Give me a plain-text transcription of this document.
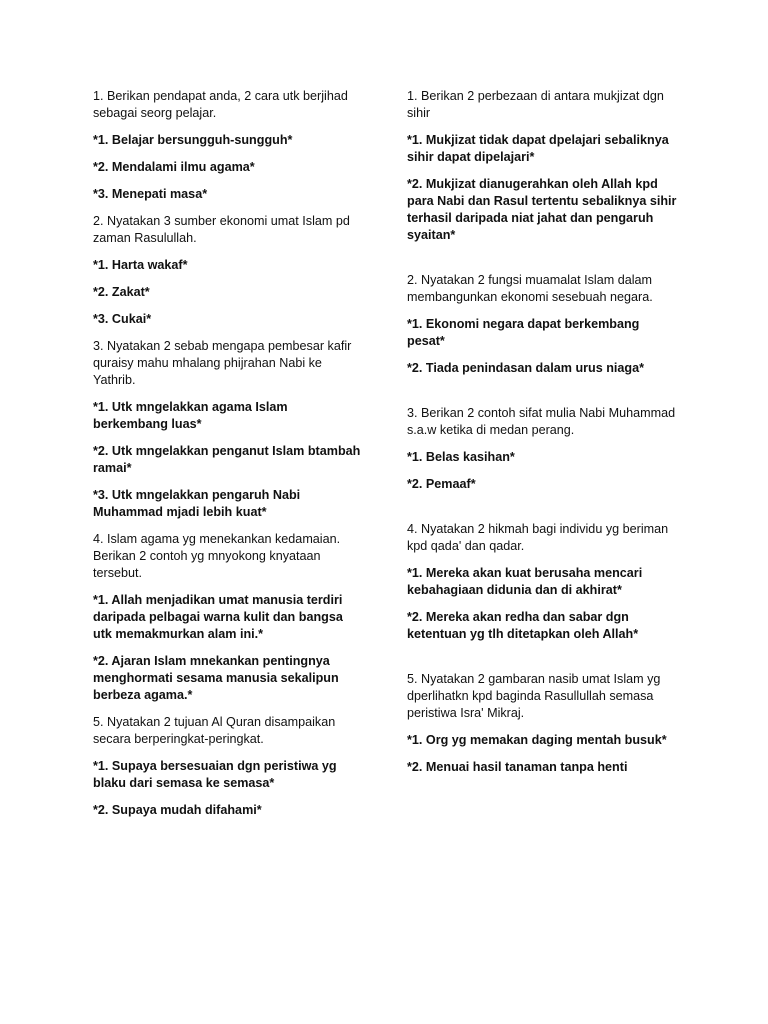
1. Berikan pendapat anda, 2 cara utk berjihad sebagai seorg pelajar.

*1. Belajar bersungguh-sungguh*

*2. Mendalami ilmu agama*

*3. Menepati masa*

2. Nyatakan 3 sumber ekonomi umat Islam pd zaman Rasulullah.

*1. Harta wakaf*

*2. Zakat*

*3. Cukai*

3. Nyatakan 2 sebab mengapa pembesar kafir quraisy mahu mhalang phijrahan Nabi ke Yathrib.

*1. Utk mngelakkan agama Islam berkembang luas*

*2. Utk mngelakkan penganut Islam btambah ramai*

*3. Utk mngelakkan pengaruh Nabi Muhammad mjadi lebih kuat*

4. Islam agama yg menekankan kedamaian. Berikan 2 contoh yg mnyokong knyataan tersebut.

*1. Allah menjadikan umat manusia terdiri daripada pelbagai warna kulit dan bangsa utk memakmurkan alam ini.*

*2. Ajaran Islam mnekankan pentingnya menghormati sesama manusia sekalipun berbeza agama.*

5. Nyatakan 2 tujuan Al Quran disampaikan secara berperingkat-peringkat.

*1. Supaya bersesuaian dgn peristiwa yg blaku dari semasa ke semasa*

*2. Supaya mudah difahami*

1. Berikan 2 perbezaan di antara mukjizat dgn sihir

*1. Mukjizat tidak dapat dpelajari sebaliknya sihir dapat dipelajari*

*2. Mukjizat dianugerahkan oleh Allah kpd para Nabi dan Rasul tertentu sebaliknya sihir terhasil daripada niat jahat dan pengaruh syaitan*

2. Nyatakan 2 fungsi muamalat Islam dalam membangunkan ekonomi sesebuah negara.

*1. Ekonomi negara dapat berkembang pesat*

*2. Tiada penindasan dalam urus niaga*

3. Berikan 2 contoh sifat mulia Nabi Muhammad s.a.w ketika di medan perang.

*1. Belas kasihan*

*2. Pemaaf*

4. Nyatakan 2 hikmah bagi individu yg beriman kpd qada' dan qadar.

*1. Mereka akan kuat berusaha mencari kebahagiaan didunia dan di akhirat*

*2. Mereka akan redha dan sabar dgn ketentuan yg tlh ditetapkan oleh Allah*

5. Nyatakan 2 gambaran nasib umat Islam yg dperlihatkn kpd baginda Rasullullah semasa peristiwa Isra' Mikraj.

*1. Org yg memakan daging mentah busuk*

*2. Menuai hasil tanaman tanpa henti
